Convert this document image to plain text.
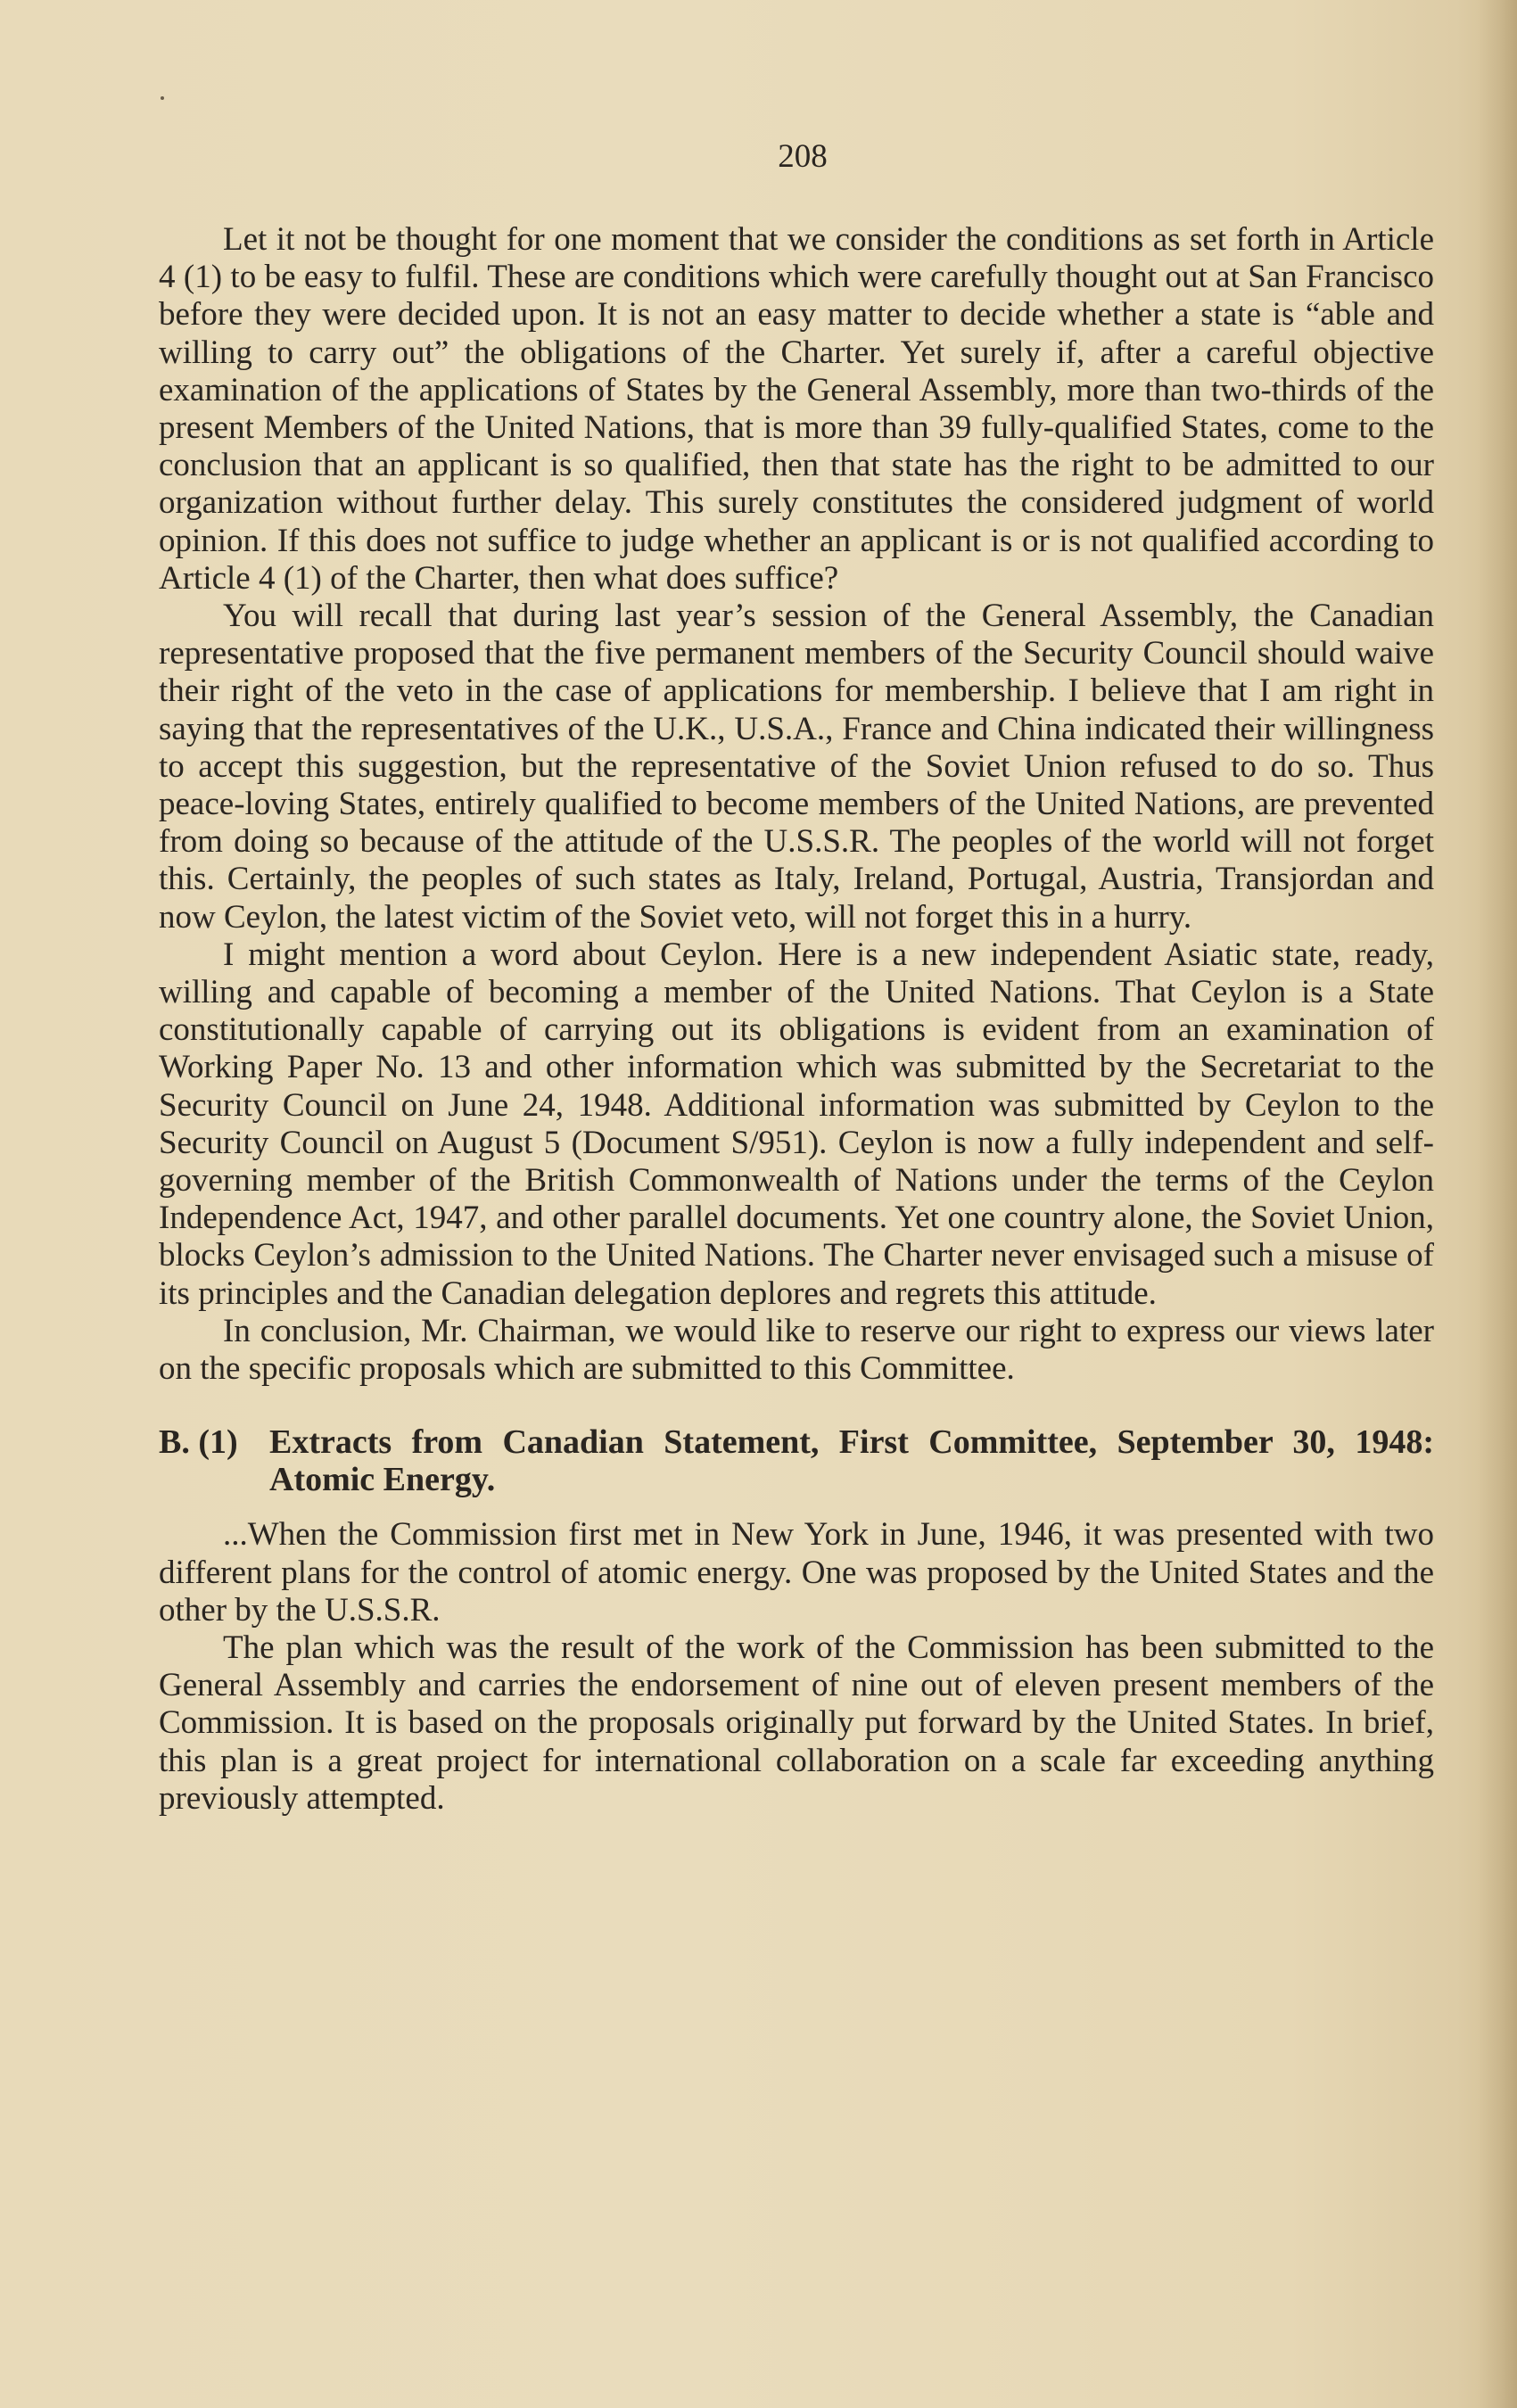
208

Let it not be thought for one moment that we consider the conditions as set forth in Article 4 (1) to be easy to fulfil. These are conditions which were carefully thought out at San Francisco before they were decided upon. It is not an easy matter to decide whether a state is “able and willing to carry out” the obligations of the Charter. Yet surely if, after a careful objective examination of the applications of States by the General Assembly, more than two-thirds of the present Members of the United Nations, that is more than 39 fully-qualified States, come to the conclusion that an applicant is so qualified, then that state has the right to be admitted to our organization without further delay. This surely constitutes the considered judgment of world opinion. If this does not suffice to judge whether an applicant is or is not qualified according to Article 4 (1) of the Charter, then what does suffice?

You will recall that during last year’s session of the General Assembly, the Canadian representative proposed that the five permanent members of the Security Council should waive their right of the veto in the case of applications for membership. I believe that I am right in saying that the representatives of the U.K., U.S.A., France and China indicated their willingness to accept this suggestion, but the representative of the Soviet Union refused to do so. Thus peace-loving States, entirely qualified to become members of the United Nations, are prevented from doing so because of the attitude of the U.S.S.R. The peoples of the world will not forget this. Certainly, the peoples of such states as Italy, Ireland, Portugal, Austria, Transjordan and now Ceylon, the latest victim of the Soviet veto, will not forget this in a hurry.

I might mention a word about Ceylon. Here is a new independent Asiatic state, ready, willing and capable of becoming a member of the United Nations. That Ceylon is a State constitutionally capable of carrying out its obligations is evident from an examination of Working Paper No. 13 and other information which was submitted by the Secretariat to the Security Council on June 24, 1948. Additional information was submitted by Ceylon to the Security Council on August 5 (Document S/951). Ceylon is now a fully independent and self-governing member of the British Commonwealth of Nations under the terms of the Ceylon Independence Act, 1947, and other parallel documents. Yet one country alone, the Soviet Union, blocks Ceylon’s admission to the United Nations. The Charter never envisaged such a misuse of its principles and the Canadian delegation deplores and regrets this attitude.

In conclusion, Mr. Chairman, we would like to reserve our right to express our views later on the specific proposals which are submitted to this Committee.

B. (1) Extracts from Canadian Statement, First Committee, September 30, 1948: Atomic Energy.

...When the Commission first met in New York in June, 1946, it was presented with two different plans for the control of atomic energy. One was proposed by the United States and the other by the U.S.S.R.

The plan which was the result of the work of the Commission has been submitted to the General Assembly and carries the endorsement of nine out of eleven present members of the Commission. It is based on the proposals originally put forward by the United States. In brief, this plan is a great project for international collaboration on a scale far exceeding anything previously attempted.
